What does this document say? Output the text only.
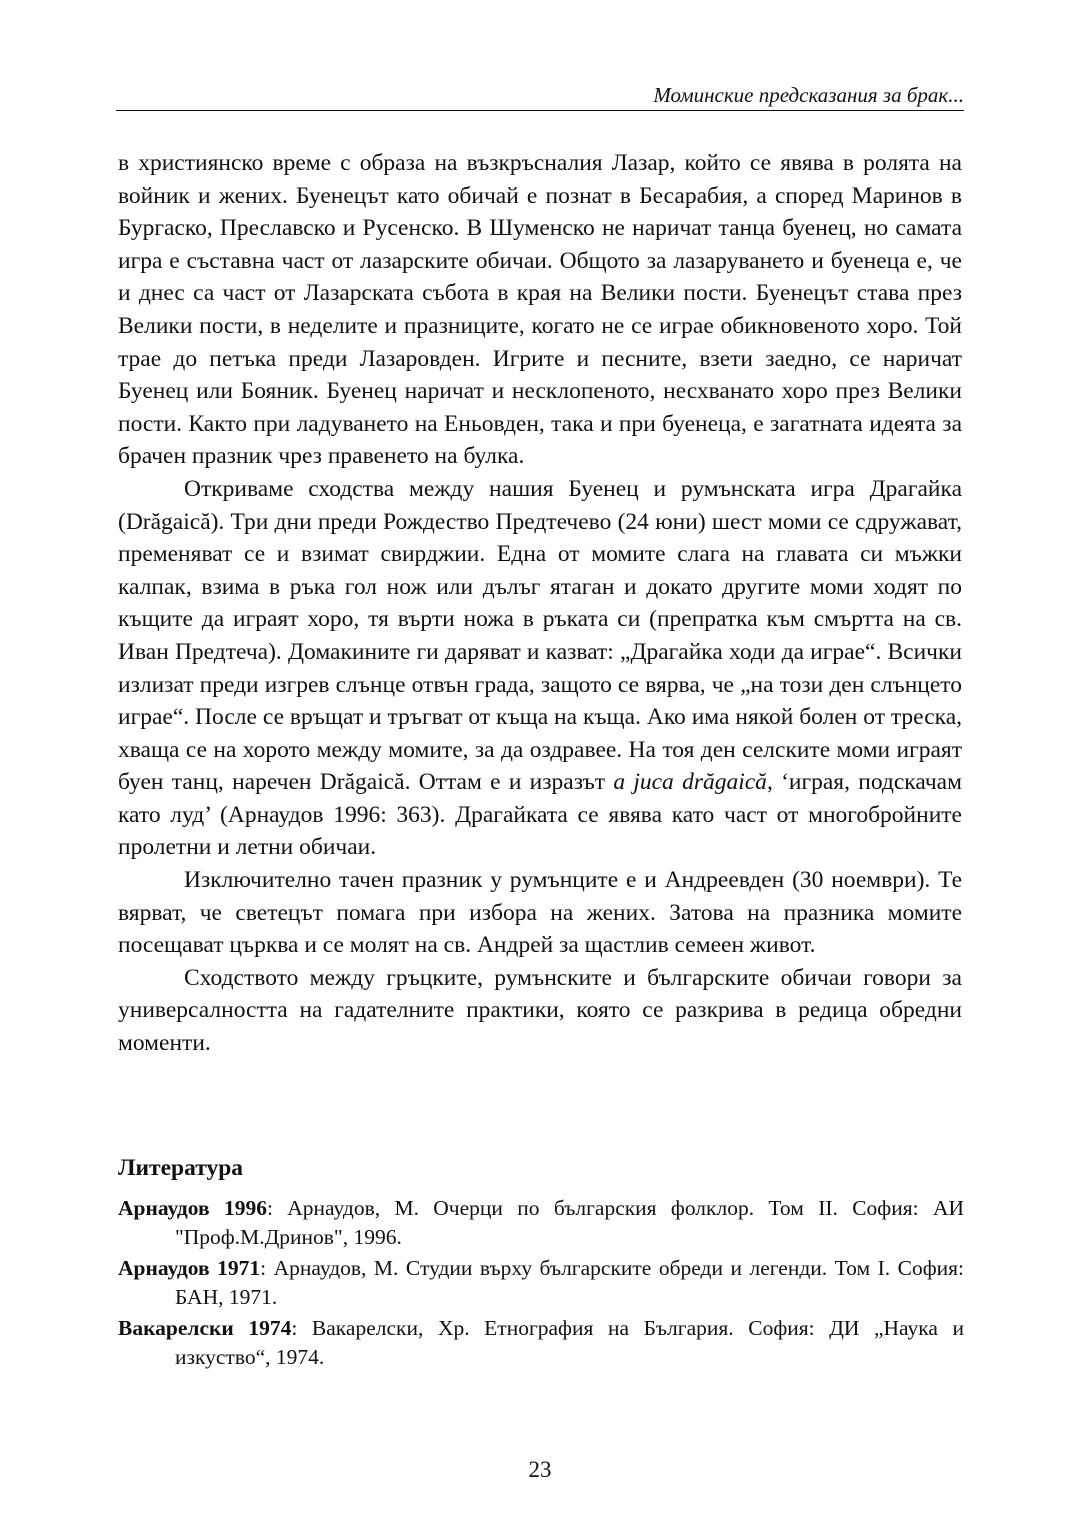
Моминскиe предсказания за брак...

в християнско време с образа на възкръсналия Лазар, който се явява в ролята на войник и жених. Буенецът като обичай е познат в Бесарабия, а според Маринов в Бургаско, Преславско и Русенско. В Шуменско не наричат танца буенец, но самата игра е съставна част от лазарските обичаи. Общото за лазаруването и буенеца е, че и днес са част от Лазарската събота в края на Велики пости. Буенецът става през Велики пости, в неделите и празниците, когато не се играе обикновеното хоро. Той трае до петъка преди Лазаровден. Игрите и песните, взети заедно, се наричат Буенец или Бояник. Буенец наричат и несклопеното, несхванато хоро през Велики пости. Както при ладуването на Еньовден, така и при буенеца, е загатната идеята за брачен празник чрез правенето на булка.

Откриваме сходства между нашия Буенец и румънската игра Драгайка (Drăgaică). Три дни преди Рождество Предтечево (24 юни) шест моми се сдружават, пременяват се и взимат свирджии. Една от момите слага на главата си мъжки калпак, взима в ръка гол нож или дълъг ятаган и докато другите моми ходят по къщите да играят хоро, тя върти ножа в ръката си (препратка към смъртта на св. Иван Предтеча). Домакините ги даряват и казват: „Драгайка ходи да играе“. Всички излизат преди изгрев слънце отвън града, защото се вярва, че „на този ден слънцето играе“. После се връщат и тръгват от къща на къща. Ако има някой болен от треска, хваща се на хорото между момите, за да оздравее. На тоя ден селските моми играят буен танц, наречен Drăgaică. Оттам е и изразът a juca drăgaică, ‘играя, подскачам като луд’ (Арнаудов 1996: 363). Драгайката се явява като част от многобройните пролетни и летни обичаи.

Изключително тачен празник у румънците е и Андреевден (30 ноември). Те вярват, че светецът помага при избора на жених. Затова на празника момите посещават църква и се молят на св. Андрей за щастлив семеен живот.

Сходството между гръцките, румънските и българските обичаи говори за универсалността на гадателните практики, която се разкрива в редица обредни моменти.

Литература

Арнаудов 1996: Арнаудов, М. Очерци по българския фолклор. Том II. София: АИ "Проф.М.Дринов", 1996.

Арнаудов 1971: Арнаудов, М. Студии върху българските обреди и легенди. Том I. София: БАН, 1971.

Вакарелски 1974: Вакарелски, Хр. Етнография на България. София: ДИ „Наука и изкуство“, 1974.

23
